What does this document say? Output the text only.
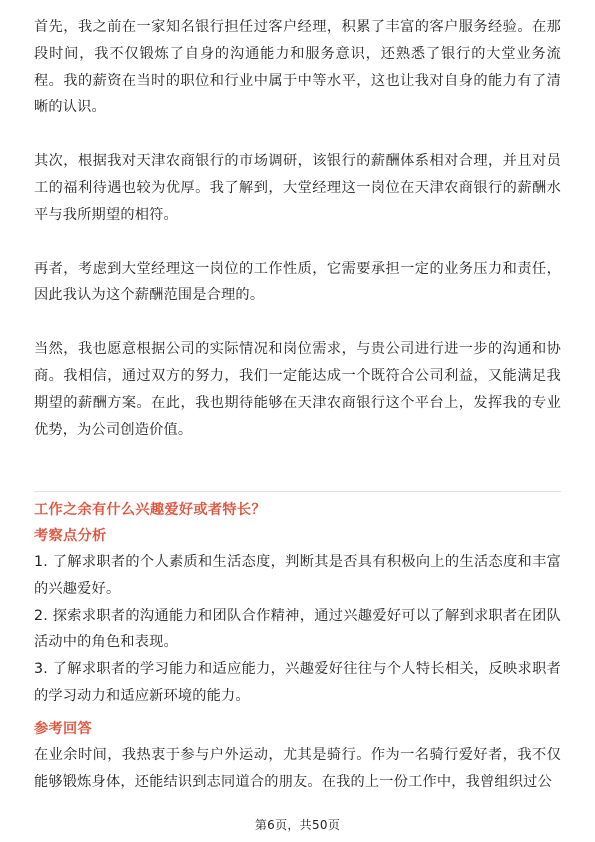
首先，我之前在一家知名银行担任过客户经理，积累了丰富的客户服务经验。在那段时间，我不仅锻炼了自身的沟通能力和服务意识，还熟悉了银行的大堂业务流程。我的薪资在当时的职位和行业中属于中等水平，这也让我对自身的能力有了清晰的认识。

其次，根据我对天津农商银行的市场调研，该银行的薪酬体系相对合理，并且对员工的福利待遇也较为优厚。我了解到，大堂经理这一岗位在天津农商银行的薪酬水平与我所期望的相符。

再者，考虑到大堂经理这一岗位的工作性质，它需要承担一定的业务压力和责任，因此我认为这个薪酬范围是合理的。

当然，我也愿意根据公司的实际情况和岗位需求，与贵公司进行进一步的沟通和协商。我相信，通过双方的努力，我们一定能达成一个既符合公司利益，又能满足我期望的薪酬方案。在此，我也期待能够在天津农商银行这个平台上，发挥我的专业优势，为公司创造价值。

工作之余有什么兴趣爱好或者特长？

考察点分析

1. 了解求职者的个人素质和生活态度，判断其是否具有积极向上的生活态度和丰富的兴趣爱好。

2. 探索求职者的沟通能力和团队合作精神，通过兴趣爱好可以了解到求职者在团队活动中的角色和表现。

3. 了解求职者的学习能力和适应能力，兴趣爱好往往与个人特长相关，反映求职者的学习动力和适应新环境的能力。

参考回答

在业余时间，我热衷于参与户外运动，尤其是骑行。作为一名骑行爱好者，我不仅能够锻炼身体，还能结识到志同道合的朋友。在我的上一份工作中，我曾组织过公

第6页，共50页
